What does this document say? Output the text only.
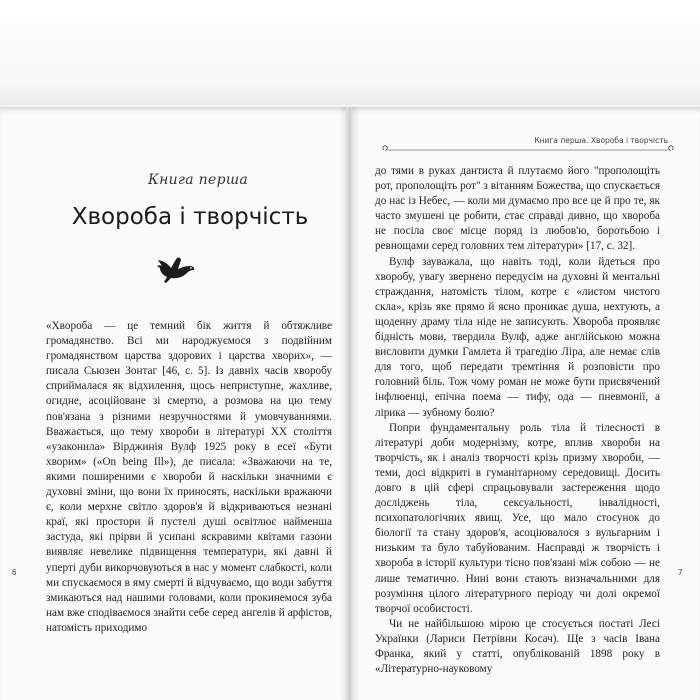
Книга перша
Хвороба і творчість

«Хвороба — це темний бік життя й обтяжливе громадянство. Всі ми народжуємося з подвійним громадянством царства здорових і царства хворих», — писала Сьюзен Зонтаг [46, с. 5]. Із давніх часів хворобу сприймалася як відхилення, щось неприступне, жахливе, огидне, асоційоване зі смертю, а розмова на цю тему пов'язана з різними незручностями й умовчуваннями. Вважається, що тему хвороби в літературі XX століття «узаконила» Вірджинія Вулф 1925 року в есеї «Бути хворим» («On being Ill»), де писала: «Зважаючи на те, якими поширеними є хвороби й наскільки значними є духовні зміни, що вони їх приносять, наскільки вражаючи є, коли мерхне світло здоров'я й відкриваються незнані краї, які простори й пустелі душі освітлює найменша застуда, які прірви й усипані яскравими квітами газони виявляє невелике підвищення температури, які давні й уперті дуби викорчовуються в нас у момент слабкості, коли ми спускаємося в яму смерті й відчуваємо, що води забуття змикаються над нашими головами, коли прокинемося зуба нам вже сподіваємося знайти себе серед ангелів й арфістов, натомість приходимо

6
Книга перша. Хвороба і творчість

до тями в руках дантиста й плутаємо його "прополощіть рот, прополощіть рот" з вітанням Божества, що спускається до нас із Небес, — коли ми думаємо про все це й про те, як часто змушені це робити, стає справді дивно, що хвороба не посіла своє місце поряд із любов'ю, боротьбою і ревнощами серед головних тем літератури» [17, с. 32].

Вулф зауважала, що навіть тоді, коли йдеться про хворобу, увагу звернено передусім на духовні й ментальні страждання, натомість тілом, котре є «листом чистого скла», крізь яке прямо й ясно проникає душа, нехтують, а щоденну драму тіла ніде не записують. Хвороба проявляє бідність мови, твердила Вулф, адже англійською можна висловити думки Гамлета й трагедію Ліра, але немає слів для того, щоб передати тремтіння й розповісти про головний біль. Тож чому роман не може бути присвячений інфлюенці, епічна поема — тифу, ода — пневмонії, а лірика — зубному болю?

Попри фундаментальну роль тіла й тілесності в літературі доби модернізму, котре, вплив хвороби на творчість, як і аналіз творчості крізь призму хвороби, — теми, досі відкриті в гуманітарному середовищі. Досить довго в цій сфері спрацьовували застереження щодо досліджень тіла, сексуальності, інвалідності, психопатологічних явищ. Усе, що мало стосунок до біології та стану здоров'я, асоціювалося з вульгарним і низьким та було табуйованим. Насправді ж творчість і хвороба в історії культури тісно пов'язані між собою — не лише тематично. Нині вони стають визначальними для розуміння цілого літературного періоду чи долі окремої творчої особистості.

Чи не найбільшою мірою це стосується постаті Лесі Українки (Лариси Петрівни Косач). Ще з часів Івана Франка, який у статті, опублікованій 1898 року в «Літературно-науковому

7
